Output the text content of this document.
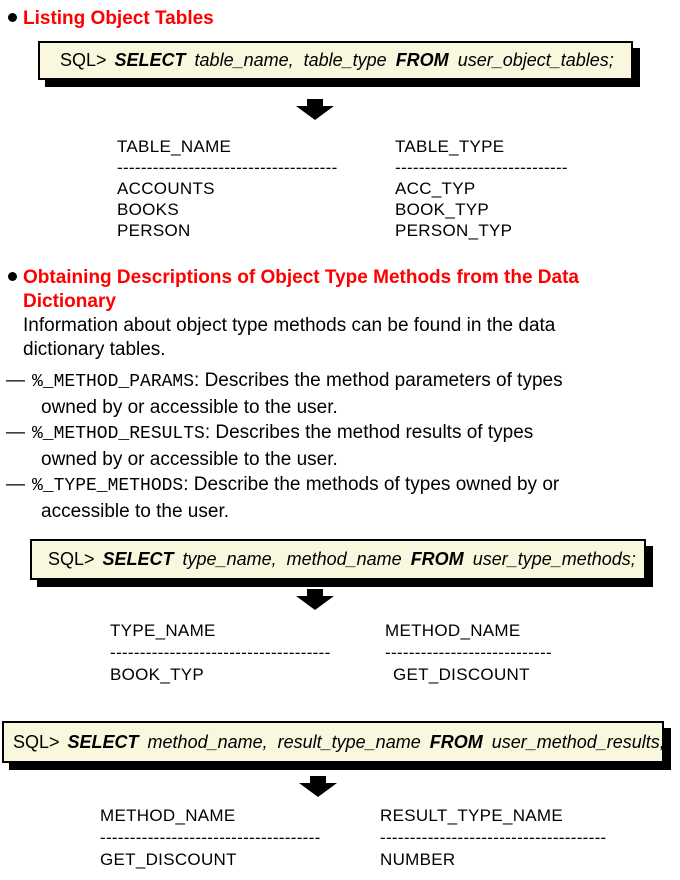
Listing Object Tables
SQL> SELECT table_name,  table_type FROM user_object_tables;
TABLE_NAME
-------------------------------------
ACCOUNTS
BOOKS
PERSON
TABLE_TYPE
-----------------------------
ACC_TYP
BOOK_TYP
PERSON_TYP
Obtaining Descriptions of Object Type Methods from the Data
Dictionary
Information about object type methods can be found in the data
dictionary tables.
— %_METHOD_PARAMS: Describes the method parameters of types
owned by or accessible to the user.
— %_METHOD_RESULTS: Describes the method results of types
owned by or accessible to the user.
— %_TYPE_METHODS: Describe the methods of types owned by or
accessible to the user.
SQL> SELECT type_name,  method_name FROM user_type_methods;
TYPE_NAME
-------------------------------------
BOOK_TYP
METHOD_NAME
----------------------------
GET_DISCOUNT
SQL> SELECT method_name,  result_type_name FROM user_method_results;
METHOD_NAME
-------------------------------------
GET_DISCOUNT
RESULT_TYPE_NAME
--------------------------------------
NUMBER
